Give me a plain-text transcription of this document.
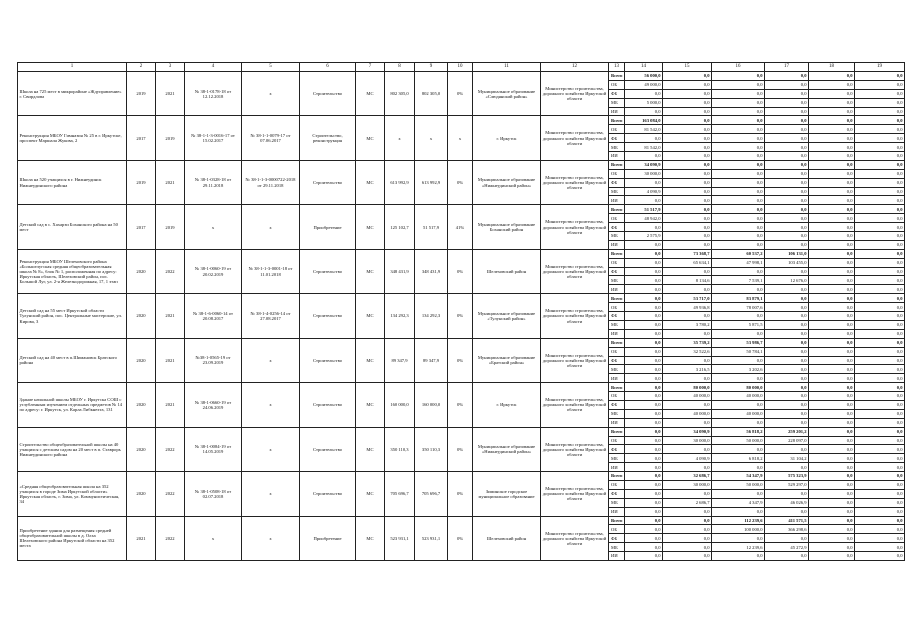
1	2	3	4	5	6	7	8	9	10	11	12	13	14	15	16	17	18	19
Школа на 725 мест в микрорайоне «Ждуправление» г. Свирдлова	2019	2021	№ 38-1-0178-18 от 12.12.2018	х	Строительство	МС	802 305,0	802 305,0	0%	Муниципальное образование «Слюдянский район»	Министерство строительства, дорожного хозяйства Иркутской области	Всего	56 000,0	0,0	0,0	0,0	0,0	0,0
												ОБ	49 000,0	0,0	0,0	0,0	0,0	0,0
												ФБ	0,0	0,0	0,0	0,0	0,0	0,0
												МБ	5 000,0	0,0	0,0	0,0	0,0	0,0
												ИИ	0,0	0,0	0,0	0,0	0,0	0,0
Реконструкция МБОУ Гимназия № 25 в г. Иркутске, проспект Маршала Жукова, 2	2017	2019	№ 38-1-1-3-0016-17 от 15.02.2017	№ 38-1-1-0079-17 от 07.06.2017	Строительство, реконструкция	МС	х	х	х	г. Иркутск	Министерство строительства, дорожного хозяйства Иркутской области	Всего	163 084,0	0,0	0,0	0,0	0,0	0,0
												ОБ	81 542,0	0,0	0,0	0,0	0,0	0,0
												ФБ	0,0	0,0	0,0	0,0	0,0	0,0
												МБ	81 542,0	0,0	0,0	0,0	0,0	0,0
												ИИ	0,0	0,0	0,0	0,0	0,0	0,0
Школа на 520 учащихся в г. Нижнеудинск Нижнеудинского района	2019	2021	№ 38-1-0328-18 от 29.11.2018	№ 38-1-1-3-0000722-2018 от 29.11.2018	Строительство	МС	613 992,9	613 992,9	0%	Муниципальное образование «Нижнеудинский район»	Министерство строительства, дорожного хозяйства Иркутской области	Всего	34 090,9	0,0	0,0	0,0	0,0	0,0
												ОБ	30 000,0	0,0	0,0	0,0	0,0	0,0
												ФБ	0,0	0,0	0,0	0,0	0,0	0,0
												МБ	4 090,9	0,0	0,0	0,0	0,0	0,0
												ИИ	0,0	0,0	0,0	0,0	0,0	0,0
Детский сад в с. Хахарзи Боханского района на 50 мест	2017	2019	х	х	Приобретение	МС	125 102,7	51 517,9	41%	Муниципальное образование Боханский район	Министерство строительства, дорожного хозяйства Иркутской области	Всего	51 517,9	0,0	0,0	0,0	0,0	0,0
												ОБ	48 942,0	0,0	0,0	0,0	0,0	0,0
												ФБ	0,0	0,0	0,0	0,0	0,0	0,0
												МБ	2 575,9	0,0	0,0	0,0	0,0	0,0
												ИИ	0,0	0,0	0,0	0,0	0,0	0,0
Реконструкция МБОУ Шелеховского района «Большелугская средняя общеобразовательная школа № 8», блок № 1, расположенная по адресу: Иркутская область, Шелеховский район, пос. Большой Луг, ул. 2-я Железнодорожная, 17, 1 этап	2020	2022	№ 38-1-0060-19 от 20.02.2019	№ 38-1-1-3-0001-18 от 11.01.2018	Строительство	МС	348 431,9	348 431,9	0%	Шелеховский район	Министерство строительства, дорожного хозяйства Иркутской области	Всего	0,0	73 368,7	60 537,2	106 131,0	0,0	0,0
												ОБ	0,0	65 634,1	47 998,1	103 455,0	0,0	0,0
												ФБ	0,0	0,0	0,0	0,0	0,0	0,0
												МБ	0,0	8 134,6	7 539,1	12 676,0	0,0	0,0
												ИИ	0,0	0,0	0,0	0,0	0,0	0,0
Детский сад на 55 мест Иркутской области Тулунский район, пос. Центральные мастерские, ул. Кирова, 3	2020	2021	№ 38-1-6-0060-14 от 20.08.2017	№ 38-1-4-0256-14 от 27.08.2017	Строительство	МС	134 292,3	134 292,3	0%	Муниципальное образование «Тулунский район»	Министерство строительства, дорожного хозяйства Иркутской области	Всего	0,0	53 717,0	83 879,1	0,0	0,0	0,0
												ОБ	0,0	49 936,8	78 007,6	0,0	0,0	0,0
												ФБ	0,0	0,0	0,0	0,0	0,0	0,0
												МБ	0,0	3 780,2	5 871,5	0,0	0,0	0,0
												ИИ	0,0	0,0	0,0	0,0	0,0	0,0
Детский сад на 40 мест в п.Шимановск Братского района	2020	2021	№38-1-0565-19 от 23.09.2019	х	Строительство	МС	89 347,9	89 347,9	0%	Муниципальное образование «Братский район»	Министерство строительства, дорожного хозяйства Иркутской области	Всего	0,0	35 739,2	53 986,7	0,0	0,0	0,0
												ОБ	0,0	32 522,6	50 784,1	0,0	0,0	0,0
												ФБ	0,0	0,0	0,0	0,0	0,0	0,0
												МБ	0,0	3 216,5	3 202,6	0,0	0,0	0,0
												ИИ	0,0	0,0	0,0	0,0	0,0	0,0
Здание начальной школы МБОУ г. Иркутска СОШ с углубленным изучением отдельных предметов № 14 по адресу: г. Иркутск, ул. Карла Либкнехта, 131	2020	2021	№ 38-1-0660-19 от 24.06.2019	х	Строительство	МС	160 000,0	160 000,0	0%	г. Иркутск	Министерство строительства, дорожного хозяйства Иркутской области	Всего	0,0	80 000,0	80 000,0	0,0	0,0	0,0
												ОБ	0,0	40 000,0	40 000,0	0,0	0,0	0,0
												ФБ	0,0	0,0	0,0	0,0	0,0	0,0
												МБ	0,0	40 000,0	40 000,0	0,0	0,0	0,0
												ИИ	0,0	0,0	0,0	0,0	0,0	0,0
Строительство общеобразовательной школы на 40 учащихся с детским садом на 20 мест в п. Ставрорь Нижнеудинского района	2020	2022	№ 38-1-0084-19 от 14.05.2019	х	Строительство	МС	350 110,3	350 110,3	0%	Муниципальное образование «Нижнеудинский район»	Министерство строительства, дорожного хозяйства Иркутской области	Всего	0,0	34 090,9	56 818,2	259 201,2	0,0	0,0
												ОБ	0,0	30 000,0	50 000,0	228 097,0	0,0	0,0
												ФБ	0,0	0,0	0,0	0,0	0,0	0,0
												МБ	0,0	4 090,9	6 818,2	31 104,2	0,0	0,0
												ИИ	0,0	0,0	0,0	0,0	0,0	0,0
«Средняя общеобразовательная школа на 352 учащихся в городе Зима Иркутской области» Иркутская область, г. Зима, ул. Коммунистическая, 34	2020	2022	№ 38-1-0508-18 от 02.07.2018	х	Строительство	МС	705 696,7	705 696,7	0%	Зиминское городское муниципальное образование	Министерство строительства, дорожного хозяйства Иркутской области	Всего	0,0	32 686,7	54 347,9	575 323,9	0,0	0,0
												ОБ	0,0	30 000,0	50 000,0	529 297,0	0,0	0,0
												ФБ	0,0	0,0	0,0	0,0	0,0	0,0
												МБ	0,0	2 686,7	4 347,9	46 026,9	0,0	0,0
												ИИ	0,0	0,0	0,0	0,0	0,0	0,0
Приобретение здания для размещения средней общеобразовательной школы в д. Олха Шелеховского района Иркутской области на 352 места	2021	2022	х	х	Приобретение	МС	523 931,1	523 931,1	0%	Шелеховский район	Министерство строительства, дорожного хозяйства Иркутской области	Всего	0,0	0,0	112 239,6	411 571,5	0,0	0,0
												ОБ	0,0	0,0	100 000,0	366 298,6	0,0	0,0
												ФБ	0,0	0,0	0,0	0,0	0,0	0,0
												МБ	0,0	0,0	12 239,6	45 272,9	0,0	0,0
												ИИ	0,0	0,0	0,0	0,0	0,0	0,0
